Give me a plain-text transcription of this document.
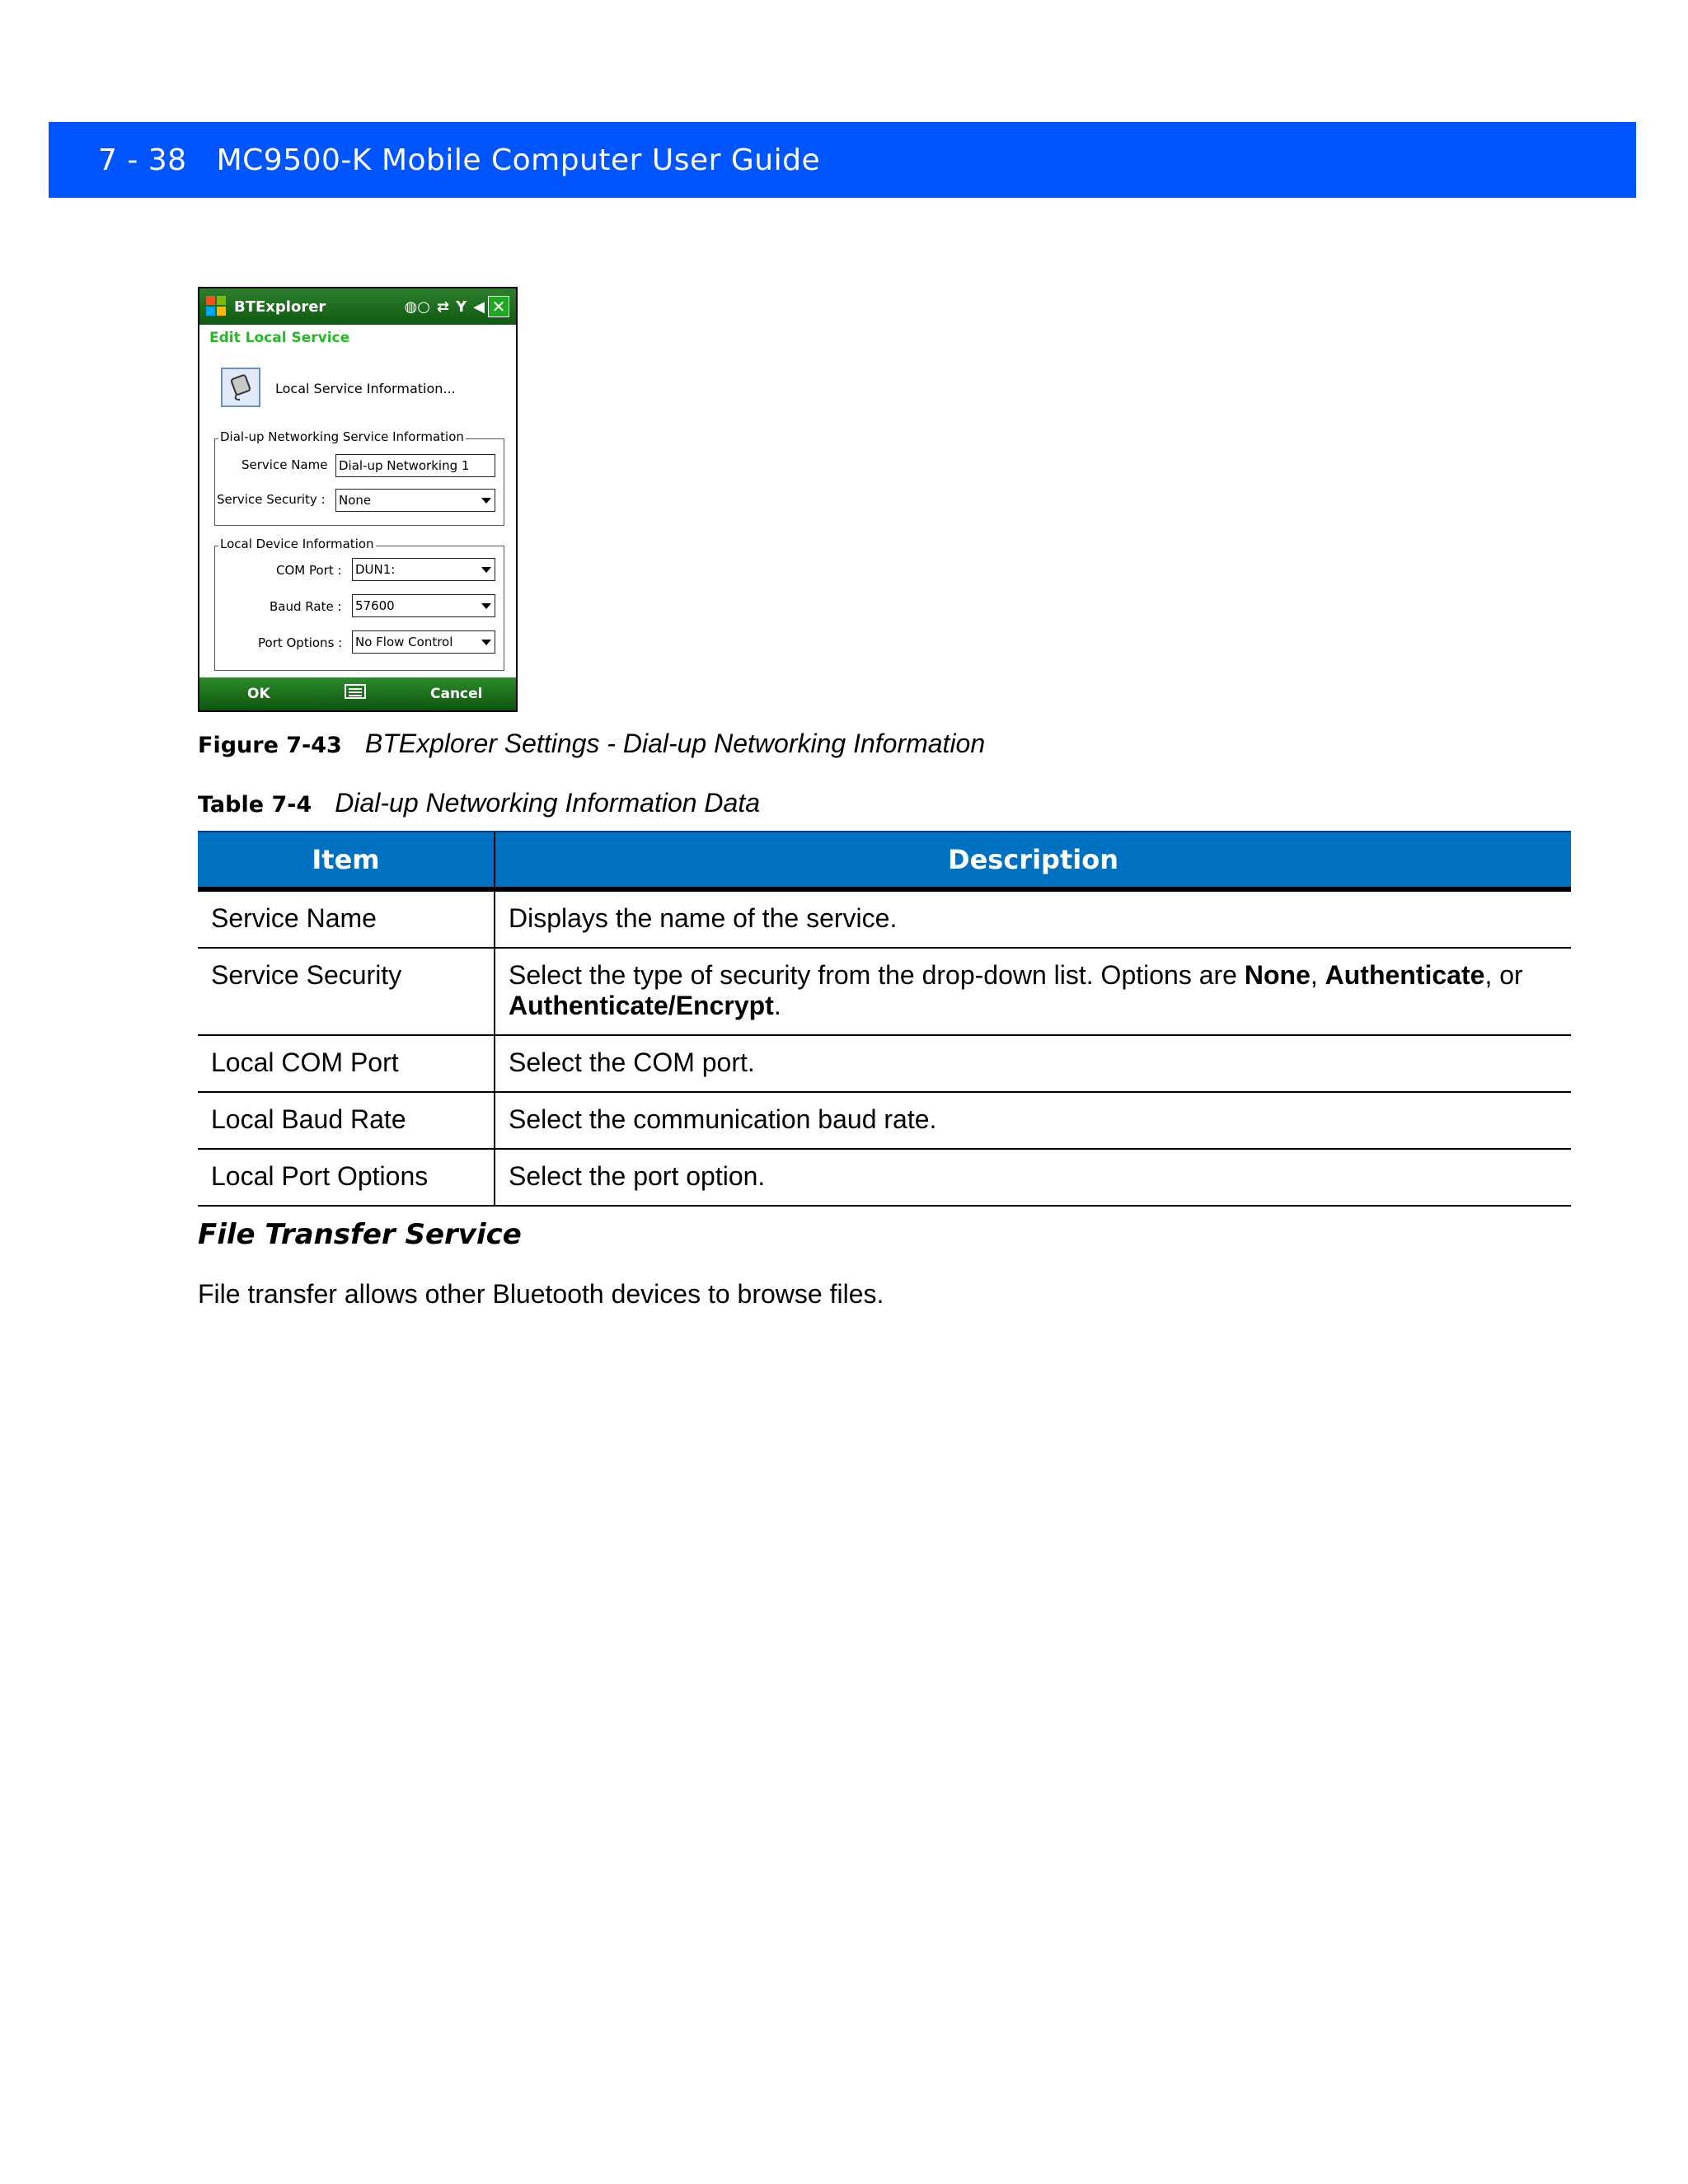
7 - 38 MC9500-K Mobile Computer User Guide
BTExplorer	◍○ ⇄ Υ ◀ ✕
Edit Local Service
Local Service Information...
Dial-up Networking Service Information
Service Name Dial-up Networking 1
Service Security : None
Local Device Information
COM Port : DUN1:
Baud Rate : 57600
Port Options : No Flow Control
OK	Cancel
Figure 7-43 BTExplorer Settings - Dial-up Networking Information
Table 7-4 Dial-up Networking Information Data
Item	Description
Service Name	Displays the name of the service.
Service Security	Select the type of security from the drop-down list. Options are None, Authenticate, or Authenticate/Encrypt.
Local COM Port	Select the COM port.
Local Baud Rate	Select the communication baud rate.
Local Port Options	Select the port option.
File Transfer Service
File transfer allows other Bluetooth devices to browse files.
